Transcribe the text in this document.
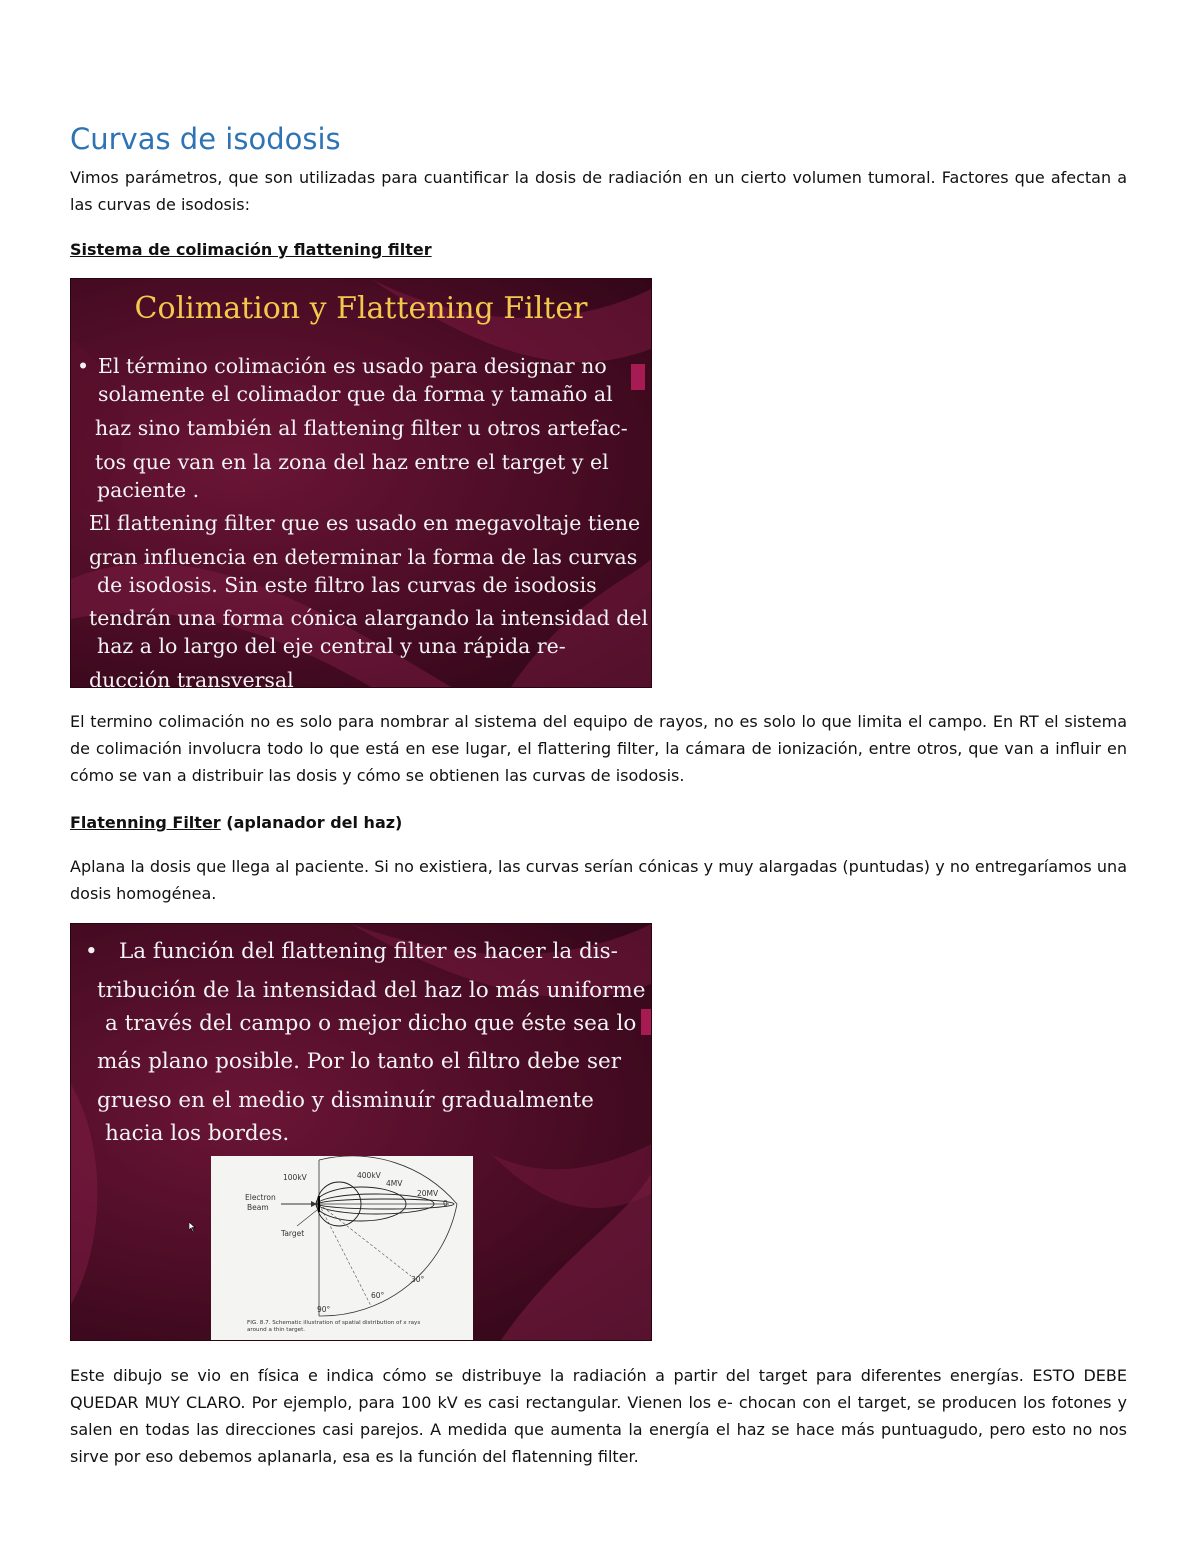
Curvas de isodosis

Vimos parámetros, que son utilizadas para cuantificar la dosis de radiación en un cierto volumen tumoral. Factores que afectan a las curvas de isodosis:

Sistema de colimación y flattening filter
Colimation y Flattening Filter
• El término colimación es usado para designar no
solamente el colimador que da forma y tamaño al
haz sino también al flattening filter u otros artefac-
tos que van en la zona del haz entre el target y el
paciente .
El flattening filter que es usado en megavoltaje tiene
gran influencia en determinar la forma de las curvas
de isodosis. Sin este filtro las curvas de isodosis
tendrán una forma cónica alargando la intensidad del
haz a lo largo del eje central y una rápida re-
ducción transversal

El termino colimación no es solo para nombrar al sistema del equipo de rayos, no es solo lo que limita el campo. En RT el sistema de colimación involucra todo lo que está en ese lugar, el flattering filter, la cámara de ionización, entre otros, que van a influir en cómo se van a distribuir las dosis y cómo se obtienen las curvas de isodosis.

Flatenning Filter (aplanador del haz)

Aplana la dosis que llega al paciente. Si no existiera, las curvas serían cónicas y muy alargadas (puntudas) y no entregaríamos una dosis homogénea.

• La función del flattening filter es hacer la dis-
tribución de la intensidad del haz lo más uniforme
a través del campo o mejor dicho que éste sea lo
más plano posible. Por lo tanto el filtro debe ser
grueso en el medio y disminuír gradualmente
hacia los bordes.
Electron
Beam
Target
100kV	400kV
4MV
20MV
0
30°
60°
90°
FIG. 8.7. Schematic illustration of spatial distribution of x rays
around a thin target.

Este dibujo se vio en física e indica cómo se distribuye la radiación a partir del target para diferentes energías. ESTO DEBE QUEDAR MUY CLARO. Por ejemplo, para 100 kV es casi rectangular. Vienen los e- chocan con el target, se producen los fotones y salen en todas las direcciones casi parejos. A medida que aumenta la energía el haz se hace más puntuagudo, pero esto no nos sirve por eso debemos aplanarla, esa es la función del flatenning filter.
